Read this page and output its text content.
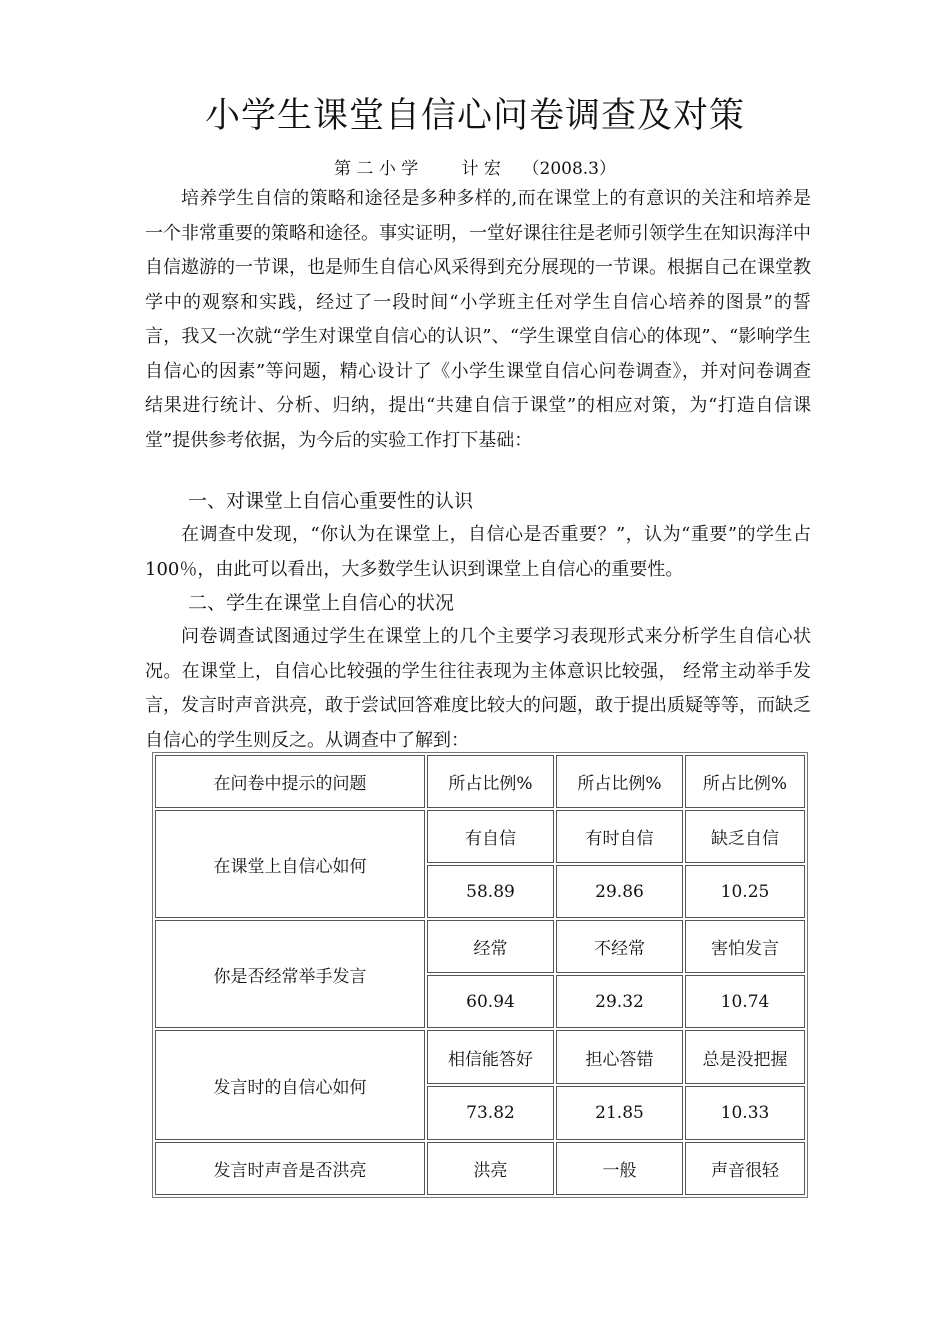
小学生课堂自信心问卷调查及对策
第 二 小 学	计 宏 （2008.3）

培养学生自信的策略和途径是多种多样的,而在课堂上的有意识的关注和培养是一个非常重要的策略和途径。事实证明，一堂好课往往是老师引领学生在知识海洋中自信遨游的一节课，也是师生自信心风采得到充分展现的一节课。根据自己在课堂教学中的观察和实践，经过了一段时间“小学班主任对学生自信心培养的图景”的誓言，我又一次就“学生对课堂自信心的认识”、“学生课堂自信心的体现”、“影响学生自信心的因素”等问题，精心设计了《小学生课堂自信心问卷调查》，并对问卷调查结果进行统计、分析、归纳，提出“共建自信于课堂”的相应对策，为“打造自信课堂”提供参考依据，为今后的实验工作打下基础：

一、对课堂上自信心重要性的认识

在调查中发现，“你认为在课堂上，自信心是否重要？”，认为“重要”的学生占 100％，由此可以看出，大多数学生认识到课堂上自信心的重要性。

二、学生在课堂上自信心的状况

问卷调查试图通过学生在课堂上的几个主要学习表现形式来分析学生自信心状况。在课堂上，自信心比较强的学生往往表现为主体意识比较强， 经常主动举手发言，发言时声音洪亮，敢于尝试回答难度比较大的问题，敢于提出质疑等等，而缺乏自信心的学生则反之。从调查中了解到：

在问卷中提示的问题	所占比例%	所占比例%	所占比例%
在课堂上自信心如何	有自信	有时自信	缺乏自信
	58.89	29.86	10.25
你是否经常举手发言	经常	不经常	害怕发言
	60.94	29.32	10.74
发言时的自信心如何	相信能答好	担心答错	总是没把握
	73.82	21.85	10.33
发言时声音是否洪亮	洪亮	一般	声音很轻
